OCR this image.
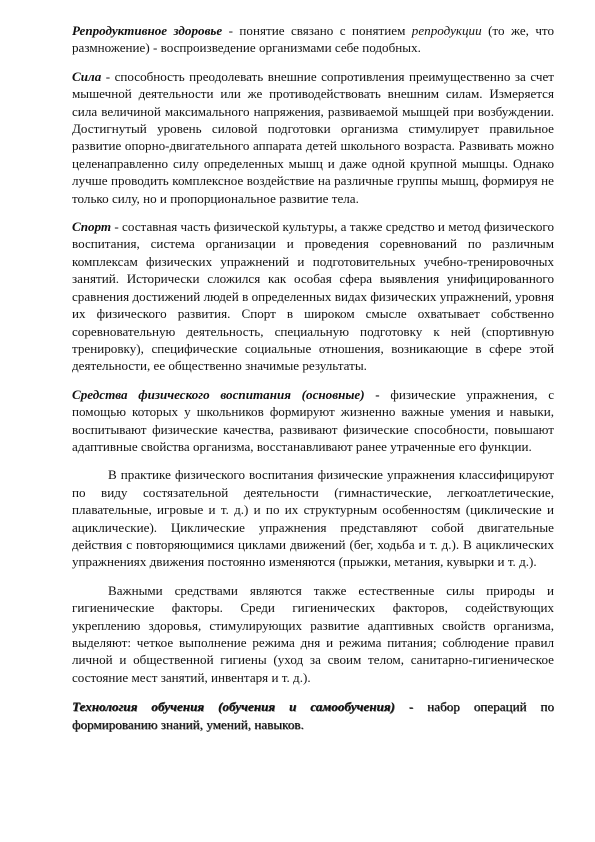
Репродуктивное здоровье - понятие связано с понятием репродукции (то же, что размножение) - воспроизведение организмами себе подобных.

Сила - способность преодолевать внешние сопротивления преимущественно за счет мышечной деятельности или же противодействовать внешним силам. Измеряется сила величиной максимального напряжения, развиваемой мышцей при возбуждении. Достигнутый уровень силовой подготовки организма стимулирует правильное развитие опорно-двигательного аппарата детей школьного возраста. Развивать можно целенаправленно силу определенных мышц и даже одной крупной мышцы. Однако лучше проводить комплексное воздействие на различные группы мышц, формируя не только силу, но и пропорциональное развитие тела.

Спорт - составная часть физической культуры, а также средство и метод физического воспитания, система организации и проведения соревнований по различным комплексам физических упражнений и подготовительных учебно-тренировочных занятий. Исторически сложился как особая сфера выявления унифицированного сравнения достижений людей в определенных видах физических упражнений, уровня их физического развития. Спорт в широком смысле охватывает собственно соревновательную деятельность, специальную подготовку к ней (спортивную тренировку), специфические социальные отношения, возникающие в сфере этой деятельности, ее общественно значимые результаты.

Средства физического воспитания (основные) - физические упражнения, с помощью которых у школьников формируют жизненно важные умения и навыки, воспитывают физические качества, развивают физические способности, повышают адаптивные свойства организма, восстанавливают ранее утраченные его функции.

В практике физического воспитания физические упражнения классифицируют по виду состязательной деятельности (гимнастические, легкоатлетические, плавательные, игровые и т. д.) и по их структурным особенностям (циклические и ациклические). Циклические упражнения представляют собой двигательные действия с повторяющимися циклами движений (бег, ходьба и т. д.). В ациклических упражнениях движения постоянно изменяются (прыжки, метания, кувырки и т. д.).

Важными средствами являются также естественные силы природы и гигиенические факторы. Среди гигиенических факторов, содействующих укреплению здоровья, стимулирующих развитие адаптивных свойств организма, выделяют: четкое выполнение режима дня и режима питания; соблюдение правил личной и общественной гигиены (уход за своим телом, санитарно-гигиеническое состояние мест занятий, инвентаря и т. д.).

Технология обучения (обучения и самообучения) - набор операций по формированию знаний, умений, навыков.
